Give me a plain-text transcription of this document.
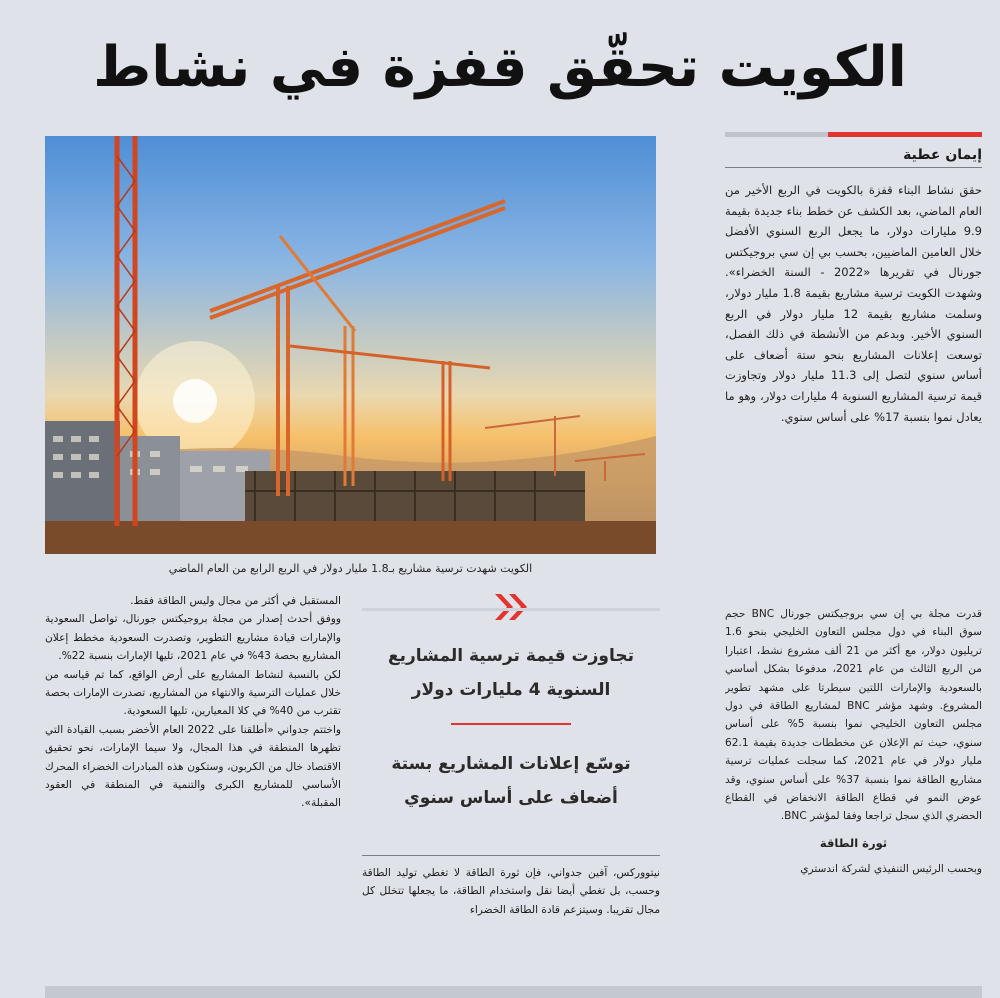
الكويت تحقّق قفزة في نشاط
إيمان عطية

حقق نشاط البناء قفزة بالكويت في الربع الأخير من العام الماضي، بعد الكشف عن خطط بناء جديدة بقيمة 9.9 مليارات دولار، ما يجعل الربع السنوي الأفضل خلال العامين الماضيين، بحسب بي إن سي بروجيكتس جورنال في تقريرها «2022 - السنة الخضراء». وشهدت الكويت ترسية مشاريع بقيمة 1.8 مليار دولار، وسلمت مشاريع بقيمة 12 مليار دولار في الربع السنوي الأخير. وبدعم من الأنشطة في ذلك الفصل، توسعت إعلانات المشاريع بنحو ستة أضعاف على أساس سنوي لتصل إلى 11.3 مليار دولار وتجاوزت قيمة ترسية المشاريع السنوية 4 مليارات دولار، وهو ما يعادل نموا بنسبة 17% على أساس سنوي.

قدرت مجلة بي إن سي بروجيكتس جورنال BNC حجم سوق البناء في دول مجلس التعاون الخليجي بنحو 1.6 تريليون دولار، مع أكثر من 21 ألف مشروع نشط، اعتبارا من الربع الثالث من عام 2021، مدفوعا بشكل أساسي بالسعودية والإمارات اللتين سيطرتا على مشهد تطوير المشروع. وشهد مؤشر BNC لمشاريع الطاقة في دول مجلس التعاون الخليجي نموا بنسبة 5% على أساس سنوي، حيث تم الإعلان عن مخططات جديدة بقيمة 62.1 مليار دولار في عام 2021، كما سجلت عمليات ترسية مشاريع الطاقة نموا بنسبة 37% على أساس سنوي، وقد عوض النمو في قطاع الطاقة الانخفاض في القطاع الحضري الذي سجل تراجعا وفقا لمؤشر BNC.

ثورة الطاقة

وبحسب الرئيس التنفيذي لشركة اندستري

الكويت شهدت ترسية مشاريع بـ1.8 مليار دولار في الربع الرابع من العام الماضي

تجاوزت قيمة ترسية المشاريع السنوية 4 مليارات دولار

توسّع إعلانات المشاريع بستة أضعاف على أساس سنوي

نيتووركس، آفين جدواني، فإن ثورة الطاقة لا تغطي توليد الطاقة وحسب، بل تغطي أيضا نقل واستخدام الطاقة، ما يجعلها تتخلل كل مجال تقريبا. وسيتزعم قادة الطاقة الخضراء

المستقبل في أكثر من مجال وليس الطاقة فقط.

ووفق أحدث إصدار من مجلة بروجيكتس جورنال، تواصل السعودية والإمارات قيادة مشاريع التطوير، وتصدرت السعودية مخطط إعلان المشاريع بحصة 43% في عام 2021، تليها الإمارات بنسبة 22%.

لكن بالنسبة لنشاط المشاريع على أرض الواقع، كما تم قياسه من خلال عمليات الترسية والانتهاء من المشاريع، تصدرت الإمارات بحصة تقترب من 40% في كلا المعيارين، تليها السعودية.

واختتم جدواني «أطلقنا على 2022 العام الأخضر بسبب القيادة التي تظهرها المنطقة في هذا المجال، ولا سيما الإمارات، نحو تحقيق الاقتصاد خال من الكربون، وستكون هذه المبادرات الخضراء المحرك الأساسي للمشاريع الكبرى والتنمية في المنطقة في العقود المقبلة».
